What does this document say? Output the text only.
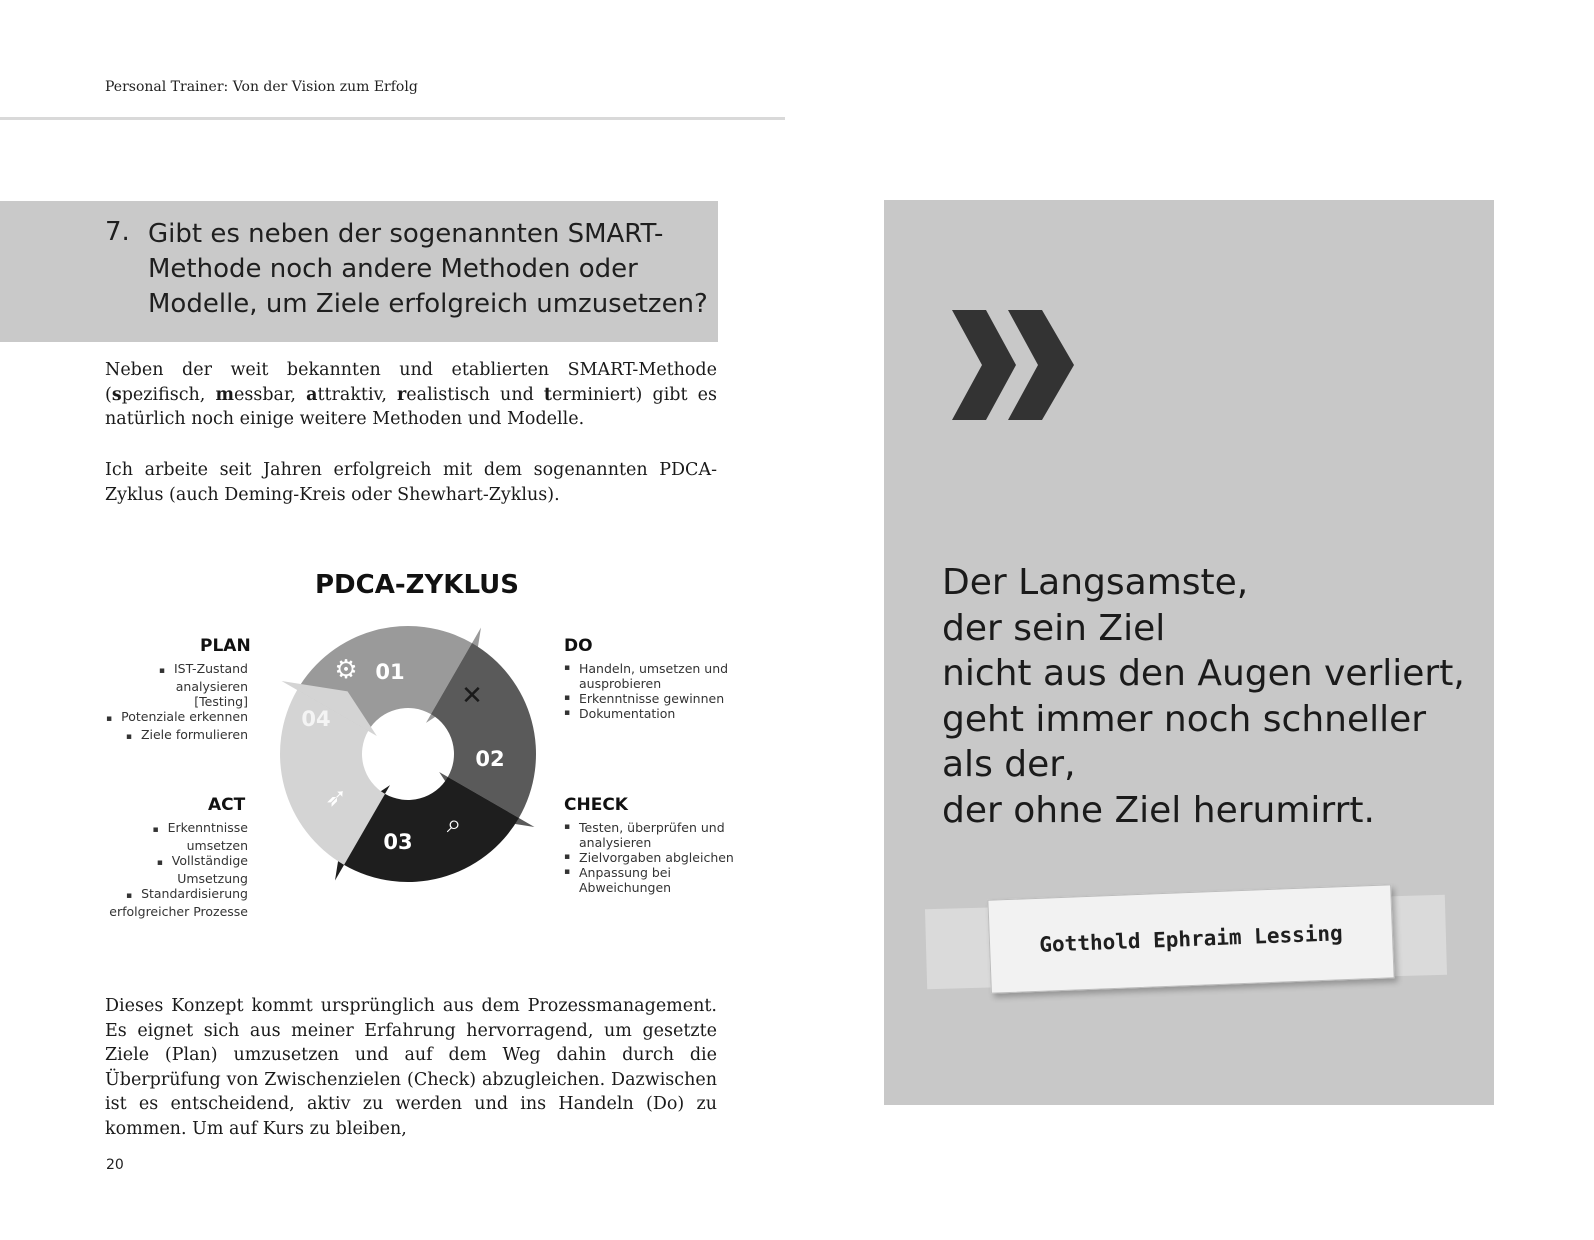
Personal Trainer: Von der Vision zum Erfolg
7. Gibt es neben der sogenannten SMART-Methode noch andere Methoden oder Modelle, um Ziele erfolgreich umzusetzen?
Neben der weit bekannten und etablierten SMART-Methode (spezifisch, messbar, attraktiv, realistisch und terminiert) gibt es natürlich noch einige weitere Methoden und Modelle.
Ich arbeite seit Jahren erfolgreich mit dem sogenannten PDCA-Zyklus (auch Deming-Kreis oder Shewhart-Zyklus).
01
⚙
02
✕
03
⌕
04
➶
PDCA-ZYKLUS
PLAN
▪ IST-Zustand analysieren
[Testing]
▪ Potenziale erkennen
▪ Ziele formulieren
DO
▪ Handeln, umsetzen und ausprobieren
▪ Erkenntnisse gewinnen
▪ Dokumentation
ACT
▪ Erkenntnisse umsetzen
▪ Vollständige
Umsetzung
▪ Standardisierung
erfolgreicher Prozesse
CHECK
▪ Testen, überprüfen und analysieren
▪ Zielvorgaben abgleichen
▪ Anpassung bei Abweichungen
Dieses Konzept kommt ursprünglich aus dem Prozessmanagement. Es eignet sich aus meiner Erfahrung hervorragend, um gesetzte Ziele (Plan) umzusetzen und auf dem Weg dahin durch die Überprüfung von Zwischenzielen (Check) abzugleichen. Dazwischen ist es entscheidend, aktiv zu werden und ins Handeln (Do) zu kommen. Um auf Kurs zu bleiben,
20
Der Langsamste,
der sein Ziel
nicht aus den Augen verliert,
geht immer noch schneller
als der,
der ohne Ziel herumirrt.
Gotthold Ephraim Lessing
